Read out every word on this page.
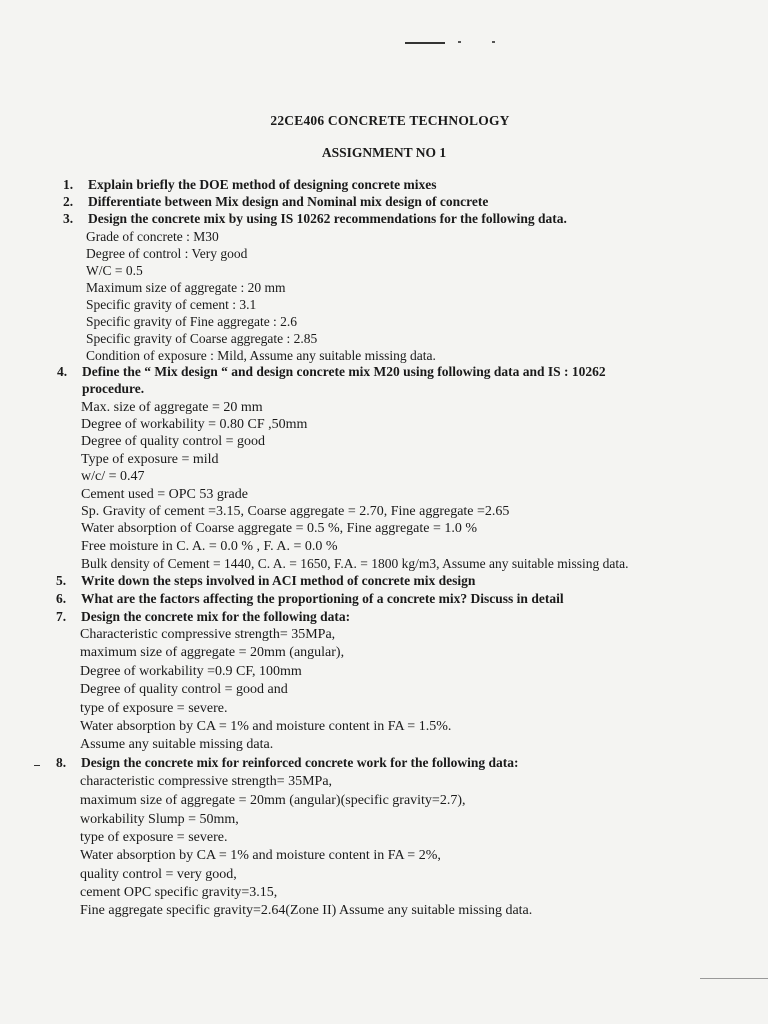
22CE406 CONCRETE TECHNOLOGY
ASSIGNMENT NO 1
1. Explain briefly the DOE method of designing concrete mixes
2. Differentiate between Mix design and Nominal mix design of concrete
3. Design the concrete mix by using IS 10262 recommendations for the following data.
Grade of concrete : M30
Degree of control : Very good
W/C = 0.5
Maximum size of aggregate : 20 mm
Specific gravity of cement : 3.1
Specific gravity of Fine aggregate : 2.6
Specific gravity of Coarse aggregate : 2.85
Condition of exposure : Mild, Assume any suitable missing data.
4. Define the “ Mix design “ and design concrete mix M20 using following data and IS : 10262
procedure.
Max. size of aggregate = 20 mm
Degree of workability = 0.80 CF ,50mm
Degree of quality control = good
Type of exposure = mild
w/c/ = 0.47
Cement used = OPC 53 grade
Sp. Gravity of cement =3.15, Coarse aggregate = 2.70, Fine aggregate =2.65
Water absorption of Coarse aggregate = 0.5 %, Fine aggregate = 1.0 %
Free moisture in C. A. = 0.0 % , F. A. = 0.0 %
Bulk density of Cement = 1440, C. A. = 1650, F.A. = 1800 kg/m3, Assume any suitable missing data.
5. Write down the steps involved in ACI method of concrete mix design
6. What are the factors affecting the proportioning of a concrete mix? Discuss in detail
7. Design the concrete mix for the following data:
Characteristic compressive strength= 35MPa,
maximum size of aggregate = 20mm (angular),
Degree of workability =0.9 CF, 100mm
Degree of quality control = good and
type of exposure = severe.
Water absorption by CA = 1% and moisture content in FA = 1.5%.
Assume any suitable missing data.
8. Design the concrete mix for reinforced concrete work for the following data:
characteristic compressive strength= 35MPa,
maximum size of aggregate = 20mm (angular)(specific gravity=2.7),
workability Slump = 50mm,
type of exposure = severe.
Water absorption by CA = 1% and moisture content in FA = 2%,
quality control = very good,
cement OPC specific gravity=3.15,
Fine aggregate specific gravity=2.64(Zone II) Assume any suitable missing data.
